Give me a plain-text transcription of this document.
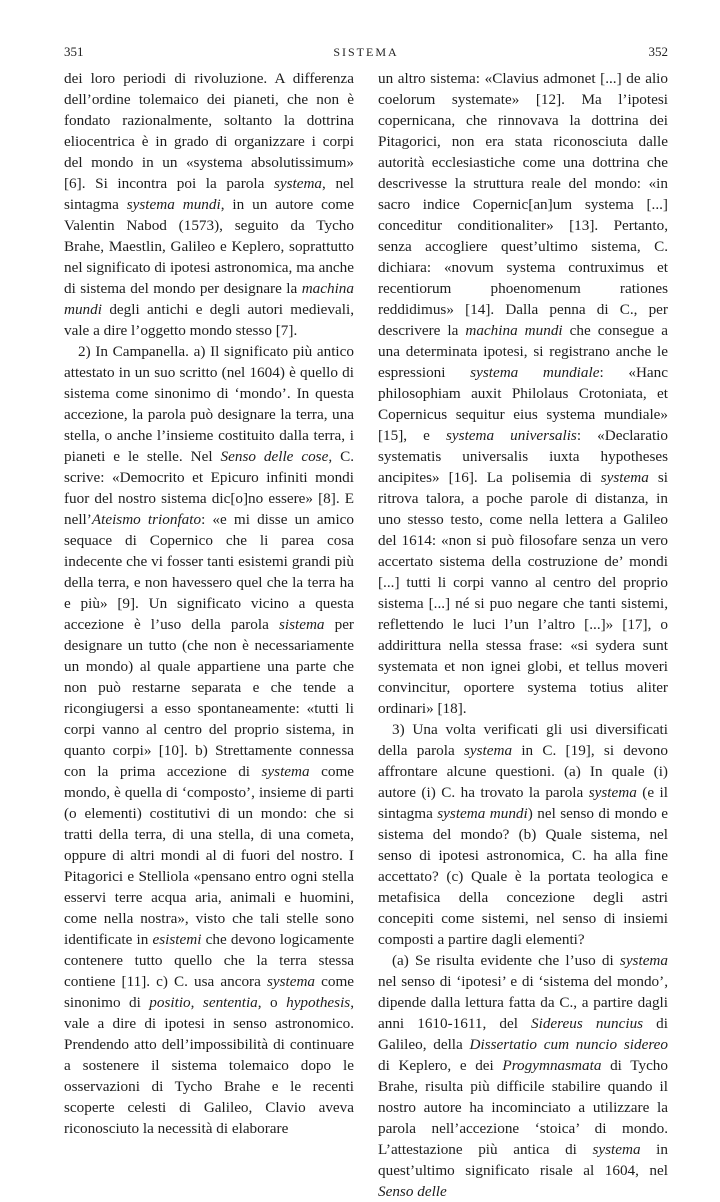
351	SISTEMA	352

dei loro periodi di rivoluzione. A differenza dell’ordine tolemaico dei pianeti, che non è fondato razionalmente, soltanto la dottrina eliocentrica è in grado di organizzare i corpi del mondo in un «systema absolutissimum» [6]. Si incontra poi la parola systema, nel sintagma systema mundi, in un autore come Valentin Nabod (1573), seguito da Tycho Brahe, Maestlin, Galileo e Keplero, soprattutto nel significato di ipotesi astronomica, ma anche di sistema del mondo per designare la machina mundi degli antichi e degli autori medievali, vale a dire l’oggetto mondo stesso [7].

2) In Campanella. a) Il significato più antico attestato in un suo scritto (nel 1604) è quello di sistema come sinonimo di ‘mondo’. In questa accezione, la parola può designare la terra, una stella, o anche l’insieme costituito dalla terra, i pianeti e le stelle. Nel Senso delle cose, C. scrive: «Democrito et Epicuro infiniti mondi fuor del nostro sistema dic[o]no essere» [8]. E nell’Ateismo trionfato: «e mi disse un amico sequace di Copernico che li parea cosa indecente che vi fosser tanti esistemi grandi più della terra, e non havessero quel che la terra ha e più» [9]. Un significato vicino a questa accezione è l’uso della parola sistema per designare un tutto (che non è necessariamente un mondo) al quale appartiene una parte che non può restarne separata e che tende a ricongiugersi a esso spontaneamente: «tutti li corpi vanno al centro del proprio sistema, in quanto corpi» [10]. b) Strettamente connessa con la prima accezione di systema come mondo, è quella di ‘composto’, insieme di parti (o elementi) costitutivi di un mondo: che si tratti della terra, di una stella, di una cometa, oppure di altri mondi al di fuori del nostro. I Pitagorici e Stelliola «pensano entro ogni stella esservi terre acqua aria, animali e huomini, come nella nostra», visto che tali stelle sono identificate in esistemi che devono logicamente contenere tutto quello che la terra stessa contiene [11]. c) C. usa ancora systema come sinonimo di positio, sententia, o hypothesis, vale a dire di ipotesi in senso astronomico. Prendendo atto dell’impossibilità di continuare a sostenere il sistema tolemaico dopo le osservazioni di Tycho Brahe e le recenti scoperte celesti di Galileo, Clavio aveva riconosciuto la necessità di elaborare

un altro sistema: «Clavius admonet [...] de alio coelorum systemate» [12]. Ma l’ipotesi copernicana, che rinnovava la dottrina dei Pitagorici, non era stata riconosciuta dalle autorità ecclesiastiche come una dottrina che descrivesse la struttura reale del mondo: «in sacro indice Copernic[an]um systema [...] conceditur conditionaliter» [13]. Pertanto, senza accogliere quest’ultimo sistema, C. dichiara: «novum systema contruximus et recentiorum phoenomenum rationes reddidimus» [14]. Dalla penna di C., per descrivere la machina mundi che consegue a una determinata ipotesi, si registrano anche le espressioni systema mundiale: «Hanc philosophiam auxit Philolaus Crotoniata, et Copernicus sequitur eius systema mundiale» [15], e systema universalis: «Declaratio systematis universalis iuxta hypotheses ancipites» [16]. La polisemia di systema si ritrova talora, a poche parole di distanza, in uno stesso testo, come nella lettera a Galileo del 1614: «non si può filosofare senza un vero accertato sistema della costruzione de’ mondi [...] tutti li corpi vanno al centro del proprio sistema [...] né si puo negare che tanti sistemi, reflettendo le luci l’un l’altro [...]» [17], o addirittura nella stessa frase: «si sydera sunt systemata et non ignei globi, et tellus moveri convincitur, oportere systema totius aliter ordinari» [18].

3) Una volta verificati gli usi diversificati della parola systema in C. [19], si devono affrontare alcune questioni. (a) In quale (i) autore (i) C. ha trovato la parola systema (e il sintagma systema mundi) nel senso di mondo e sistema del mondo? (b) Quale sistema, nel senso di ipotesi astronomica, C. ha alla fine accettato? (c) Quale è la portata teologica e metafisica della concezione degli astri concepiti come sistemi, nel senso di insiemi composti a partire dagli elementi?

(a) Se risulta evidente che l’uso di systema nel senso di ‘ipotesi’ e di ‘sistema del mondo’, dipende dalla lettura fatta da C., a partire dagli anni 1610-1611, del Sidereus nuncius di Galileo, della Dissertatio cum nuncio sidereo di Keplero, e dei Progymnasmata di Tycho Brahe, risulta più difficile stabilire quando il nostro autore ha incominciato a utilizzare la parola nell’accezione ‘stoica’ di mondo. L’attestazione più antica di systema in quest’ultimo significato risale al 1604, nel Senso delle
